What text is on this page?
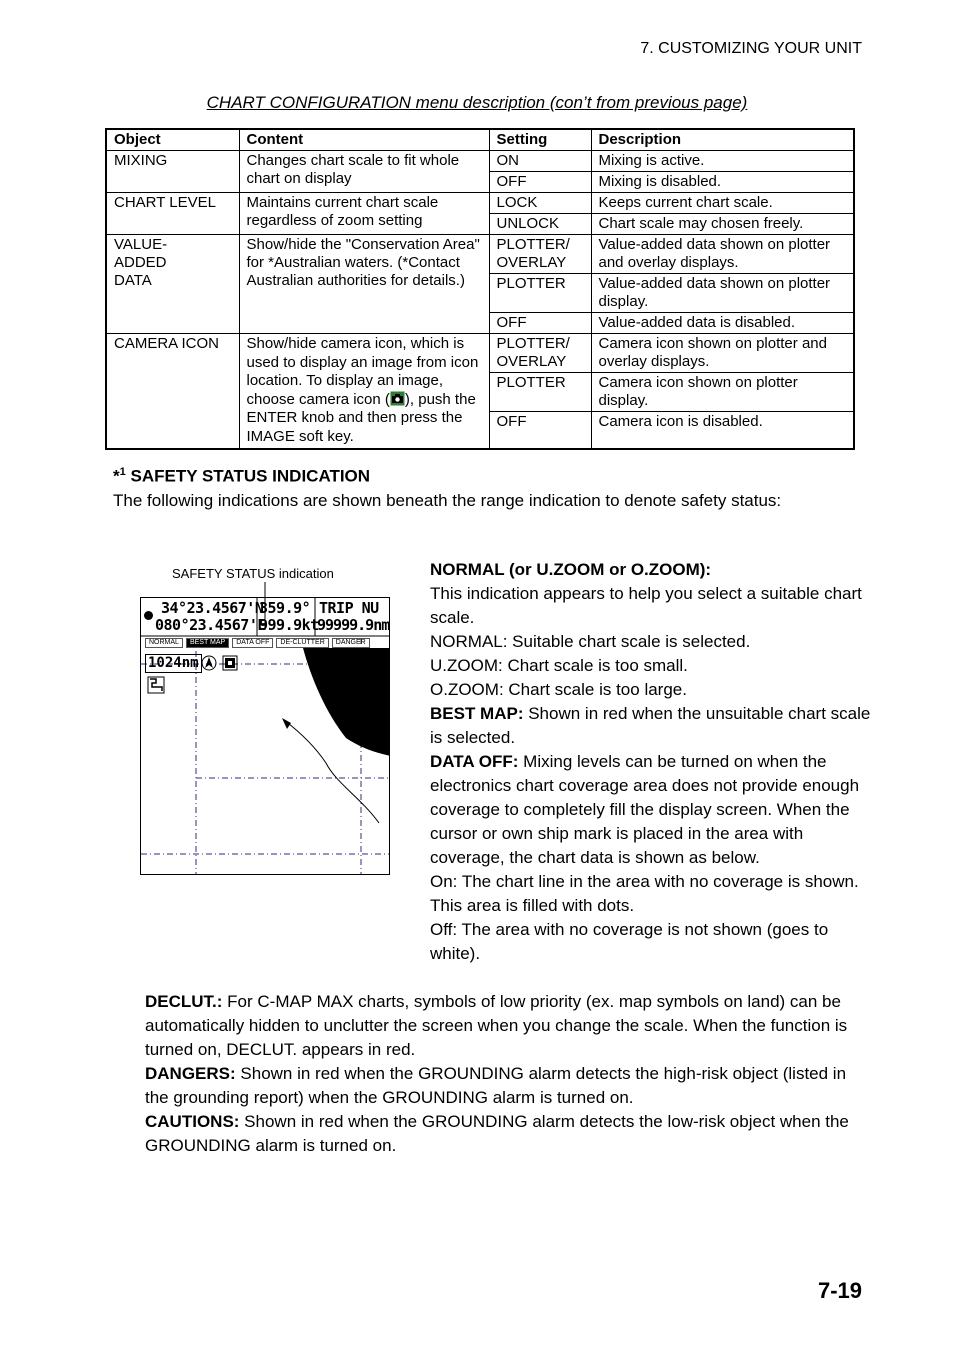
7. CUSTOMIZING YOUR UNIT
CHART CONFIGURATION menu description (con’t from previous page)
Object	Content	Setting	Description
MIXING	Changes chart scale to fit whole chart on display	ON	Mixing is active.
		OFF	Mixing is disabled.
CHART LEVEL	Maintains current chart scale regardless of zoom setting	LOCK	Keeps current chart scale.
		UNLOCK	Chart scale may chosen freely.
VALUE-ADDED DATA	Show/hide the "Conservation Area" for *Australian waters. (*Contact Australian authorities for details.)	PLOTTER/ OVERLAY	Value-added data shown on plotter and overlay displays.
		PLOTTER	Value-added data shown on plotter display.
		OFF	Value-added data is disabled.
CAMERA ICON	Show/hide camera icon, which is used to display an image from icon location. To display an image, choose camera icon ( ), push the ENTER knob and then press the IMAGE soft key.	PLOTTER/ OVERLAY	Camera icon shown on plotter and overlay displays.
		PLOTTER	Camera icon shown on plotter display.
		OFF	Camera icon is disabled.
*$^1$ SAFETY STATUS INDICATION
The following indications are shown beneath the range indication to denote safety status:
SAFETY STATUS indication
34°23.4567'N
080°23.4567'E
359.9°
999.9kt
TRIP NU
99999.9nm
NORMAL	BEST MAP	DATA OFF	DE-CLUTTER	DANGER
1024nm

NORMAL (or U.ZOOM or O.ZOOM):

This indication appears to help you select a suitable chart scale.

NORMAL: Suitable chart scale is selected.

U.ZOOM: Chart scale is too small.

O.ZOOM: Chart scale is too large.

BEST MAP: Shown in red when the unsuitable chart scale is selected.

DATA OFF: Mixing levels can be turned on when the electronics chart coverage area does not provide enough coverage to completely fill the display screen. When the cursor or own ship mark is placed in the area with coverage, the chart data is shown as below.

On: The chart line in the area with no coverage is shown. This area is filled with dots.

Off: The area with no coverage is not shown (goes to white).

DECLUT.: For C-MAP MAX charts, symbols of low priority (ex. map symbols on land) can be automatically hidden to unclutter the screen when you change the scale. When the function is turned on, DECLUT. appears in red.

DANGERS: Shown in red when the GROUNDING alarm detects the high-risk object (listed in the grounding report) when the GROUNDING alarm is turned on.

CAUTIONS: Shown in red when the GROUNDING alarm detects the low-risk object when the GROUNDING alarm is turned on.

7-19
